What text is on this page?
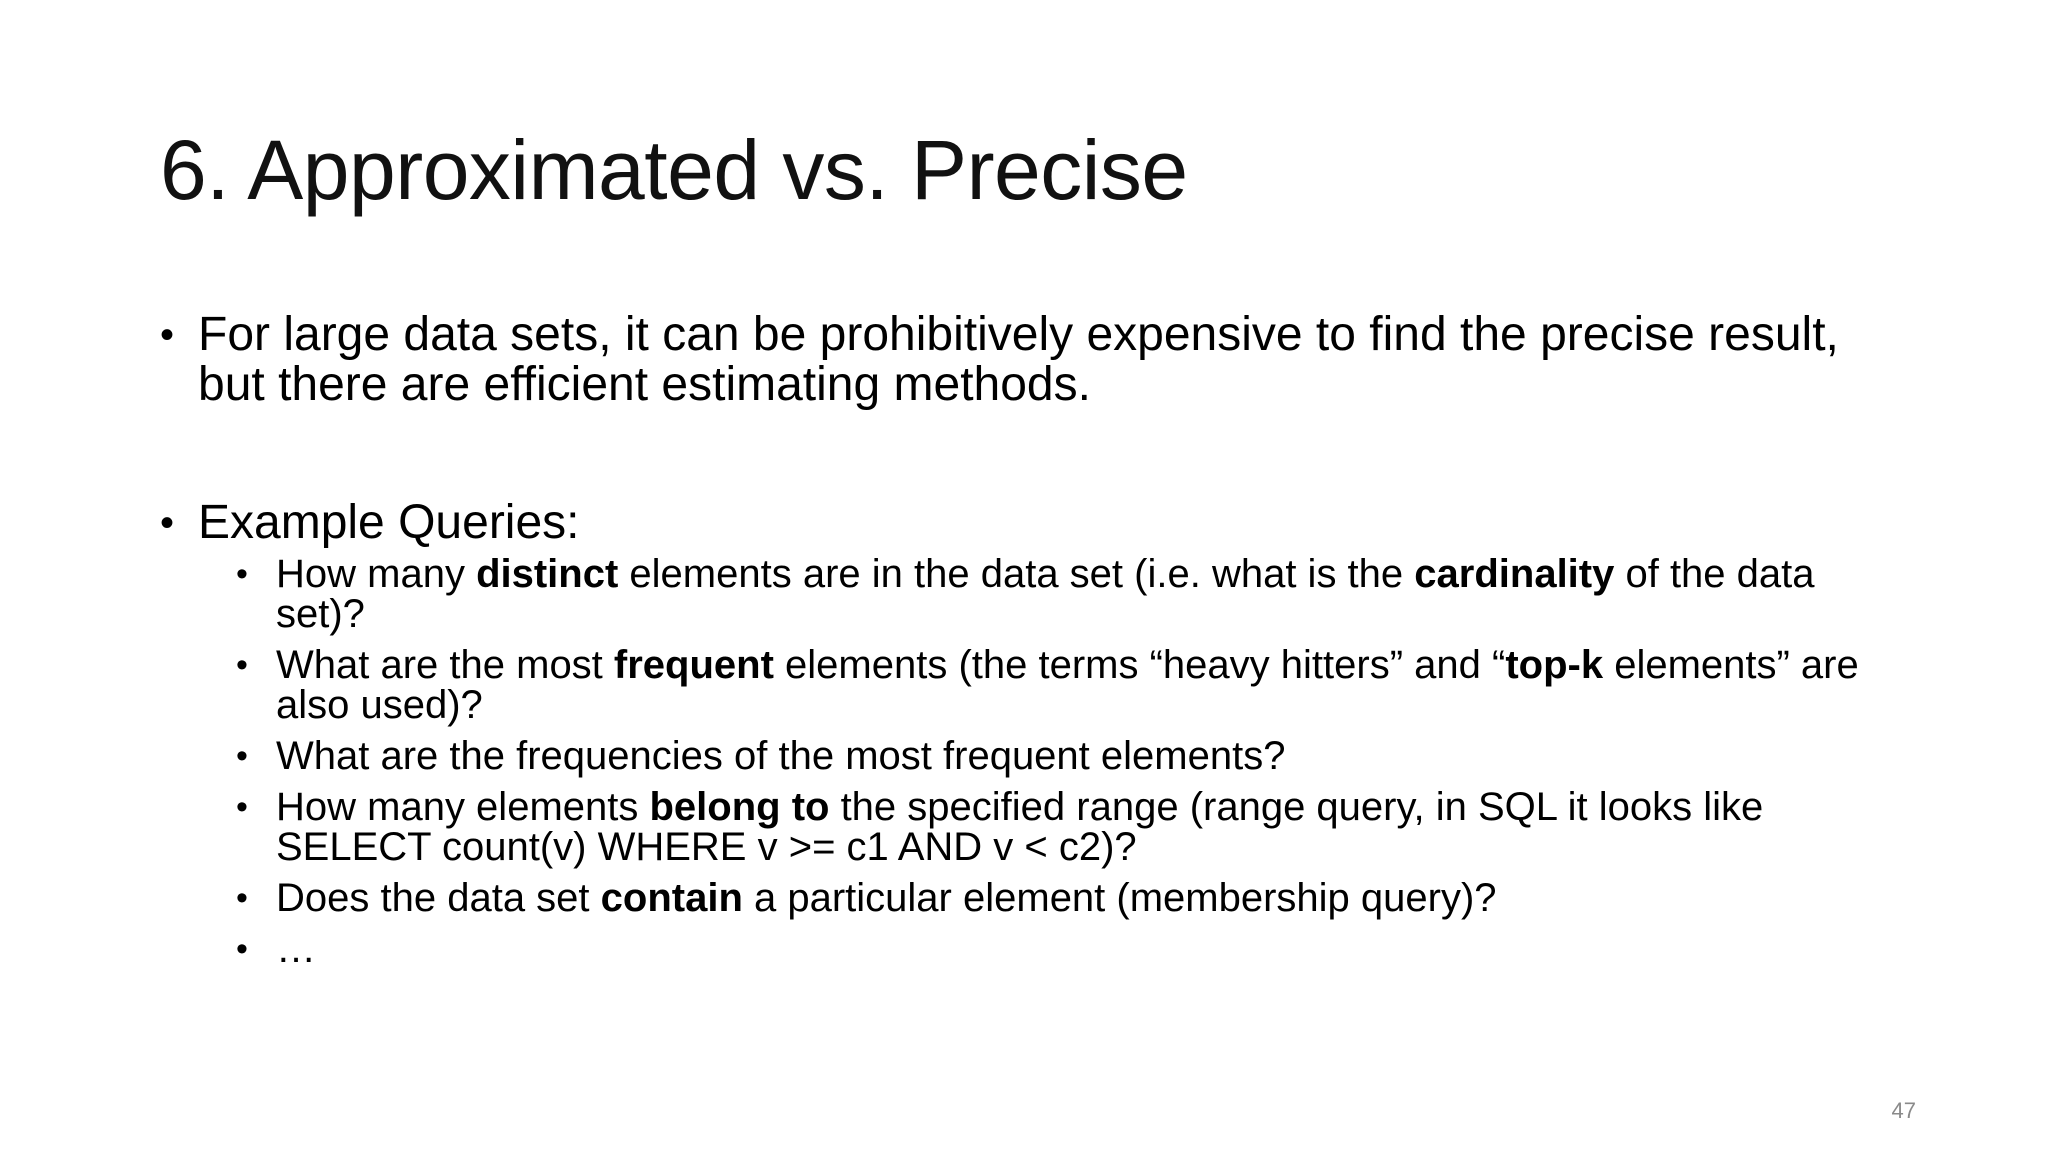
6. Approximated vs. Precise
• For large data sets, it can be prohibitively expensive to find the precise result, but there are efficient estimating methods.
• Example Queries:
• How many distinct elements are in the data set (i.e. what is the cardinality of the data set)?
• What are the most frequent elements (the terms “heavy hitters” and “top-k elements” are also used)?
• What are the frequencies of the most frequent elements?
• How many elements belong to the specified range (range query, in SQL it looks like  SELECT count(v) WHERE v >= c1 AND v < c2)?
• Does the data set contain a particular element (membership query)?
• …
47
